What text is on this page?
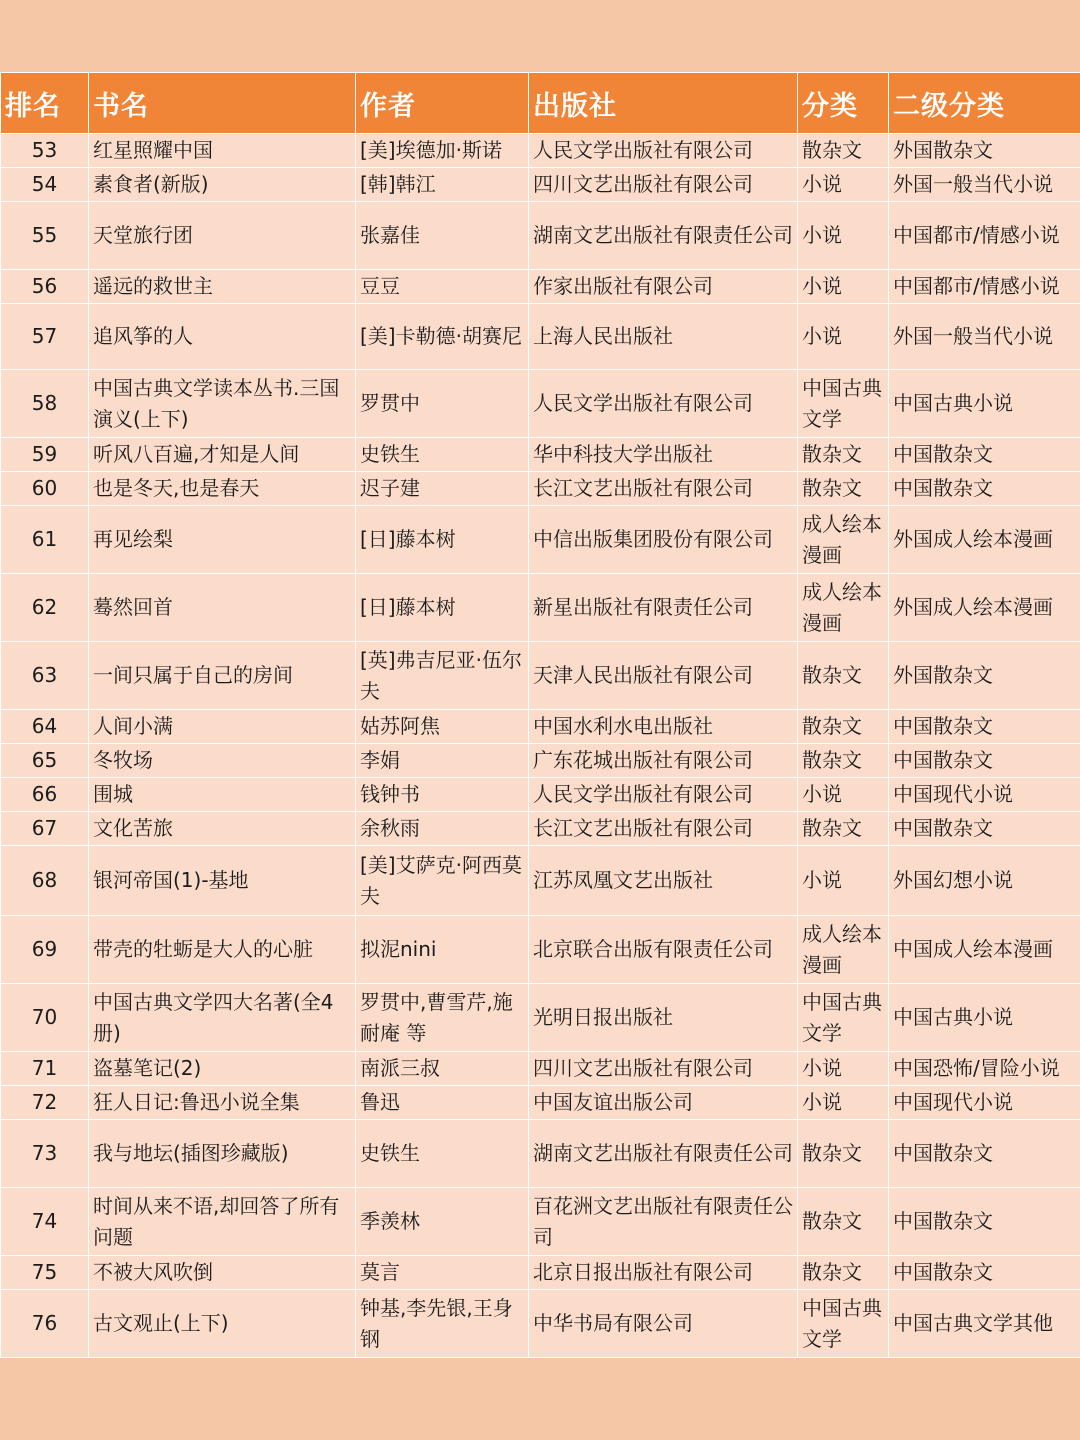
排名	书名	作者	出版社	分类	二级分类
53	红星照耀中国	[美]埃德加·斯诺	人民文学出版社有限公司	散杂文	外国散杂文
54	素食者(新版)	[韩]韩江	四川文艺出版社有限公司	小说	外国一般当代小说
55	天堂旅行团	张嘉佳	湖南文艺出版社有限责任公司	小说	中国都市/情感小说
56	遥远的救世主	豆豆	作家出版社有限公司	小说	中国都市/情感小说
57	追风筝的人	[美]卡勒德·胡赛尼	上海人民出版社	小说	外国一般当代小说
58	中国古典文学读本丛书.三国演义(上下)	罗贯中	人民文学出版社有限公司	中国古典文学	中国古典小说
59	听风八百遍,才知是人间	史铁生	华中科技大学出版社	散杂文	中国散杂文
60	也是冬天,也是春天	迟子建	长江文艺出版社有限公司	散杂文	中国散杂文
61	再见绘梨	[日]藤本树	中信出版集团股份有限公司	成人绘本漫画	外国成人绘本漫画
62	蓦然回首	[日]藤本树	新星出版社有限责任公司	成人绘本漫画	外国成人绘本漫画
63	一间只属于自己的房间	[英]弗吉尼亚·伍尔夫	天津人民出版社有限公司	散杂文	外国散杂文
64	人间小满	姑苏阿焦	中国水利水电出版社	散杂文	中国散杂文
65	冬牧场	李娟	广东花城出版社有限公司	散杂文	中国散杂文
66	围城	钱钟书	人民文学出版社有限公司	小说	中国现代小说
67	文化苦旅	余秋雨	长江文艺出版社有限公司	散杂文	中国散杂文
68	银河帝国(1)-基地	[美]艾萨克·阿西莫夫	江苏凤凰文艺出版社	小说	外国幻想小说
69	带壳的牡蛎是大人的心脏	拟泥nini	北京联合出版有限责任公司	成人绘本漫画	中国成人绘本漫画
70	中国古典文学四大名著(全4册)	罗贯中,曹雪芹,施耐庵 等	光明日报出版社	中国古典文学	中国古典小说
71	盗墓笔记(2)	南派三叔	四川文艺出版社有限公司	小说	中国恐怖/冒险小说
72	狂人日记:鲁迅小说全集	鲁迅	中国友谊出版公司	小说	中国现代小说
73	我与地坛(插图珍藏版)	史铁生	湖南文艺出版社有限责任公司	散杂文	中国散杂文
74	时间从来不语,却回答了所有问题	季羡林	百花洲文艺出版社有限责任公司	散杂文	中国散杂文
75	不被大风吹倒	莫言	北京日报出版社有限公司	散杂文	中国散杂文
76	古文观止(上下)	钟基,李先银,王身钢	中华书局有限公司	中国古典文学	中国古典文学其他
